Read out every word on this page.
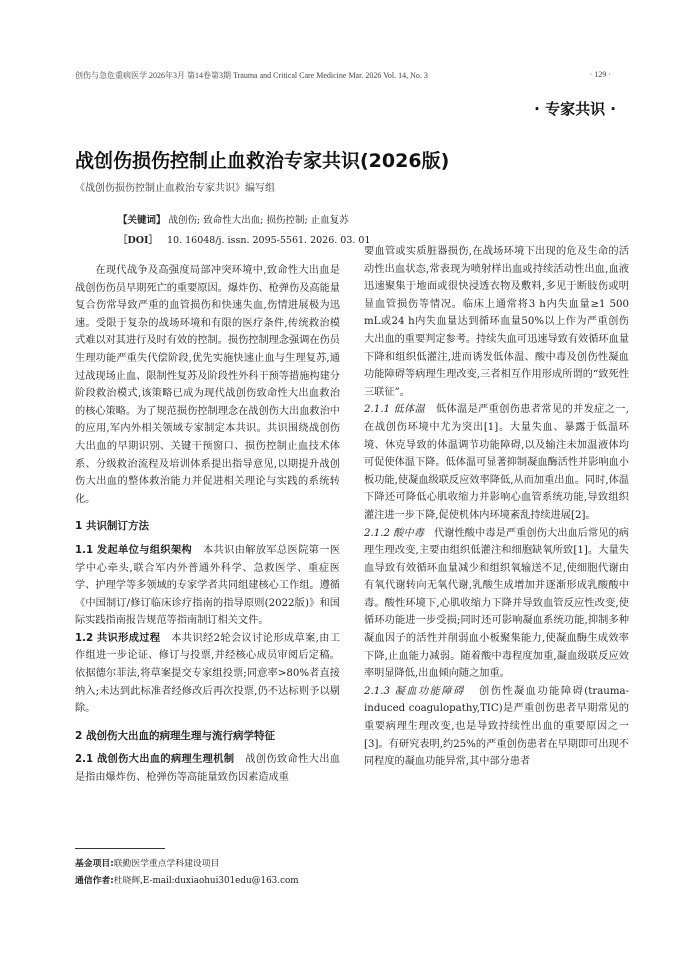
创伤与急危重病医学 2026年3月 第14卷第3期 Trauma and Critical Care Medicine Mar. 2026 Vol. 14, No. 3	· 129 ·
· 专家共识 ·
战创伤损伤控制止血救治专家共识(2026版)
《战创伤损伤控制止血救治专家共识》编写组
【关键词】 战创伤; 致命性大出血; 损伤控制; 止血复苏
［DOI］ 10. 16048/j. issn. 2095-5561. 2026. 03. 01

在现代战争及高强度局部冲突环境中,致命性大出血是战创伤伤员早期死亡的重要原因。爆炸伤、枪弹伤及高能量复合伤常导致严重的血管损伤和快速失血,伤情进展极为迅速。受限于复杂的战场环境和有限的医疗条件,传统救治模式难以对其进行及时有效的控制。损伤控制理念强调在伤员生理功能严重失代偿阶段,优先实施快速止血与生理复苏,通过战现场止血、限制性复苏及阶段性外科干预等措施构建分阶段救治模式,该策略已成为现代战创伤致命性大出血救治的核心策略。为了规范损伤控制理念在战创伤大出血救治中的应用,军内外相关领域专家制定本共识。共识围绕战创伤大出血的早期识别、关键干预窗口、损伤控制止血技术体系、分级救治流程及培训体系提出指导意见,以期提升战创伤大出血的整体救治能力并促进相关理论与实践的系统转化。

1 共识制订方法

1.1 发起单位与组织架构 本共识由解放军总医院第一医学中心牵头,联合军内外普通外科学、急救医学、重症医学、护理学等多领域的专家学者共同组建核心工作组。遵循《中国制订/修订临床诊疗指南的指导原则(2022版)》和国际实践指南报告规范等指南制订相关文件。

1.2 共识形成过程 本共识经2轮会议讨论形成草案,由工作组进一步论证、修订与投票,并经核心成员审阅后定稿。依据德尔菲法,将草案提交专家组投票;同意率>80%者直接纳入;未达到此标准者经修改后再次投票,仍不达标则予以剔除。

2 战创伤大出血的病理生理与流行病学特征

2.1 战创伤大出血的病理生理机制 战创伤致命性大出血是指由爆炸伤、枪弹伤等高能量致伤因素造成重

要血管或实质脏器损伤,在战场环境下出现的危及生命的活动性出血状态,常表现为喷射样出血或持续活动性出血,血液迅速聚集于地面或很快浸透衣物及敷料,多见于断肢伤或明显血管损伤等情况。临床上通常将3 h内失血量≥1 500 mL或24 h内失血量达到循环血量50%以上作为严重创伤大出血的重要判定参考。持续失血可迅速导致有效循环血量下降和组织低灌注,进而诱发低体温、酸中毒及创伤性凝血功能障碍等病理生理改变,三者相互作用形成所谓的“致死性三联征”。

2.1.1 低体温 低体温是严重创伤患者常见的并发症之一,在战创伤环境中尤为突出[1]。大量失血、暴露于低温环境、休克导致的体温调节功能障碍,以及输注未加温液体均可促使体温下降。低体温可显著抑制凝血酶活性并影响血小板功能,使凝血级联反应效率降低,从而加重出血。同时,体温下降还可降低心肌收缩力并影响心血管系统功能,导致组织灌注进一步下降,促使机体内环境紊乱持续进展[2]。

2.1.2 酸中毒 代谢性酸中毒是严重创伤大出血后常见的病理生理改变,主要由组织低灌注和细胞缺氧所致[1]。大量失血导致有效循环血量减少和组织氧输送不足,使细胞代谢由有氧代谢转向无氧代谢,乳酸生成增加并逐渐形成乳酸酸中毒。酸性环境下,心肌收缩力下降并导致血管反应性改变,使循环功能进一步受损;同时还可影响凝血系统功能,抑制多种凝血因子的活性并削弱血小板聚集能力,使凝血酶生成效率下降,止血能力减弱。随着酸中毒程度加重,凝血级联反应效率明显降低,出血倾向随之加重。

2.1.3 凝血功能障碍 创伤性凝血功能障碍(trauma-induced coagulopathy,TIC)是严重创伤患者早期常见的重要病理生理改变,也是导致持续性出血的重要原因之一[3]。有研究表明,约25%的严重创伤患者在早期即可出现不同程度的凝血功能异常,其中部分患者

基金项目:联勤医学重点学科建设项目
通信作者:杜晓辉,E-mail:duxiaohui301edu@163.com
